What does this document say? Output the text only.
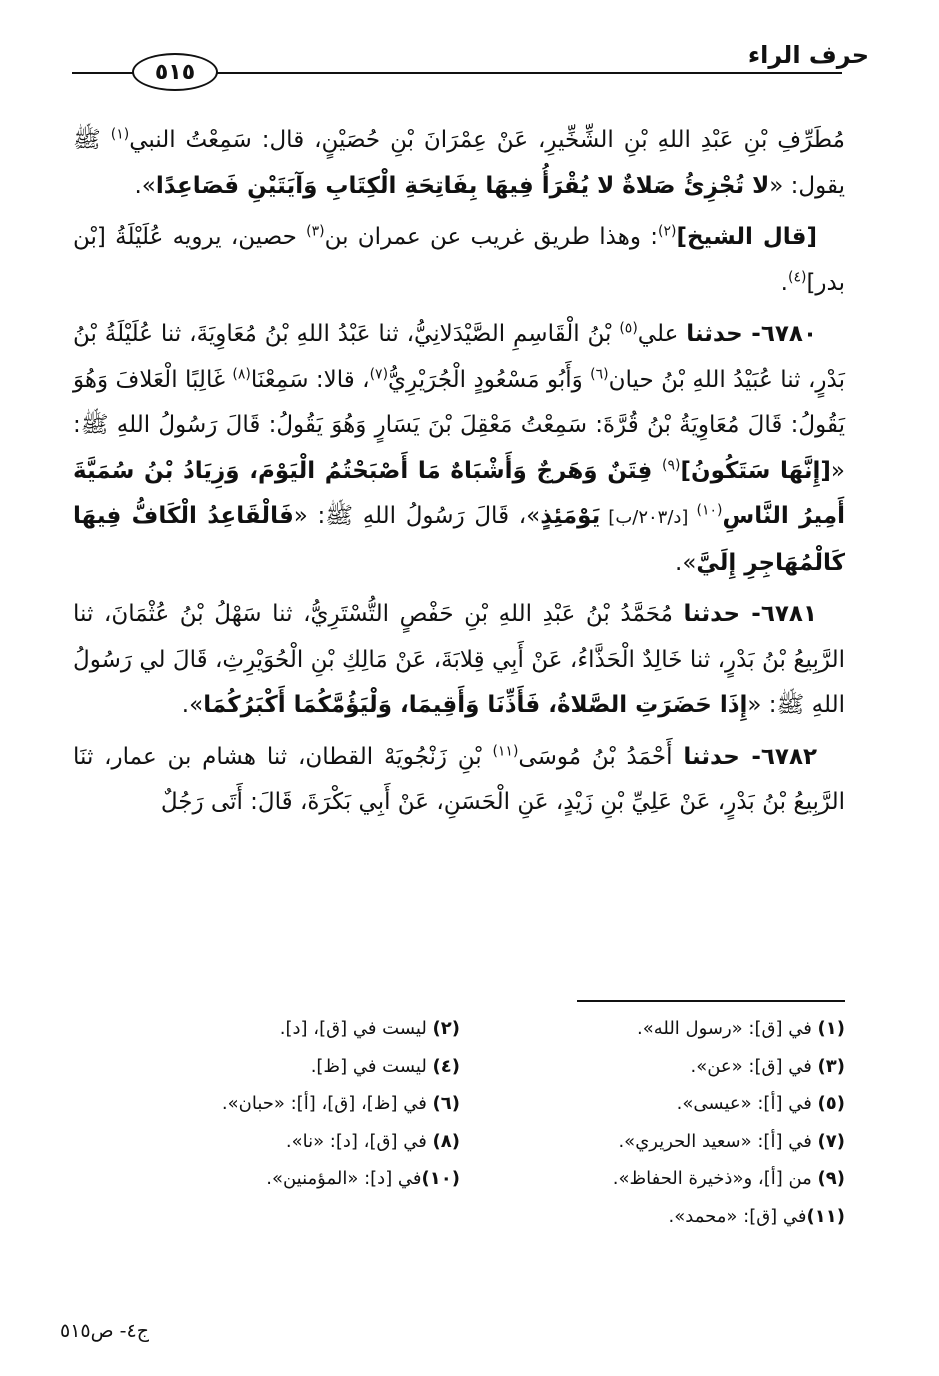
حرف الراء
٥١٥

مُطَرِّفِ بْنِ عَبْدِ اللهِ بْنِ الشِّخِّيرِ، عَنْ عِمْرَانَ بْنِ حُصَيْنٍ، قال: سَمِعْتُ النبي$^{(١)}$ ﷺ يقول: «لا تُجْزِئُ صَلاةٌ لا يُقْرَأُ فِيهَا بِفَاتِحَةِ الْكِتَابِ وَآيَتَيْنِ فَصَاعِدًا».

[قال الشيخ]$^{(٢)}$: وهذا طريق غريب عن عمران بن$^{(٣)}$ حصين، يرويه عُلَيْلَةُ [بْن بدر]$^{(٤)}$.

٦٧٨٠- حدثنا علي$^{(٥)}$ بْنُ الْقَاسِمِ الصَّيْدَلانِيُّ، ثنا عَبْدُ اللهِ بْنُ مُعَاوِيَةَ، ثنا عُلَيْلَةُ بْنُ بَدْرٍ، ثنا عُبَيْدُ اللهِ بْنُ حيان$^{(٦)}$ وَأَبُو مَسْعُودٍ الْجُرَيْرِيُّ$^{(٧)}$، قالا: سَمِعْنَا$^{(٨)}$ غَالِبًا الْعَلافَ وَهُوَ يَقُولُ: قَالَ مُعَاوِيَةُ بْنُ قُرَّةَ: سَمِعْتُ مَعْقِلَ بْنَ يَسَارٍ وَهُوَ يَقُولُ: قَالَ رَسُولُ اللهِ ﷺ: «[إِنَّهَا سَتَكُونُ]$^{(٩)}$ فِتَنٌ وَهَرجٌ وَأَشْبَاهٌ مَا أَصْبَحْتُمُ الْيَوْمَ، وَزِيَادُ بْنُ سُمَيَّةَ أَمِيرُ النَّاسِ$^{(١٠)}$ [د/٢٠٣/ب] يَوْمَئِذٍ»، قَالَ رَسُولُ اللهِ ﷺ: «فَالْقَاعِدُ الْكَافُّ فِيهَا كَالْمُهَاجِرِ إِلَيَّ».

٦٧٨١- حدثنا مُحَمَّدُ بْنُ عَبْدِ اللهِ بْنِ حَفْصٍ التُّسْتَرِيُّ، ثنا سَهْلُ بْنُ عُثْمَانَ، ثنا الرَّبِيعُ بْنُ بَدْرٍ، ثنا خَالِدٌ الْحَذَّاءُ، عَنْ أَبِي قِلابَةَ، عَنْ مَالِكِ بْنِ الْحُوَيْرِثِ، قَالَ لي رَسُولُ اللهِ ﷺ: «إِذَا حَضَرَتِ الصَّلاةُ، فَأَذِّنَا وَأَقِيمَا، وَلْيَؤُمَّكُمَا أَكْبَرُكُمَا».

٦٧٨٢- حدثنا أَحْمَدُ بْنُ مُوسَى$^{(١١)}$ بْنِ زَنْجُويَهْ القطان، ثنا هشام بن عمار، ثنَا الرَّبِيعُ بْنُ بَدْرٍ، عَنْ عَلِيِّ بْنِ زَيْدٍ، عَنِ الْحَسَنِ، عَنْ أَبِي بَكْرَةَ، قَالَ: أَتَى رَجُلٌ

(١) في [ق]: «رسول الله».
(٢) ليست في [ق]، [د].
(٣) في [ق]: «عن».
(٤) ليست في [ظ].
(٥) في [أ]: «عيسى».
(٦) في [ظ]، [ق]، [أ]: «حبان».
(٧) في [أ]: «سعيد الحريري».
(٨) في [ق]، [د]: «نا».
(٩) من [أ]، و«ذخيرة الحفاظ».
(١٠)في [د]: «المؤمنين».
(١١)في [ق]: «محمد».
ج٤- ص٥١٥
